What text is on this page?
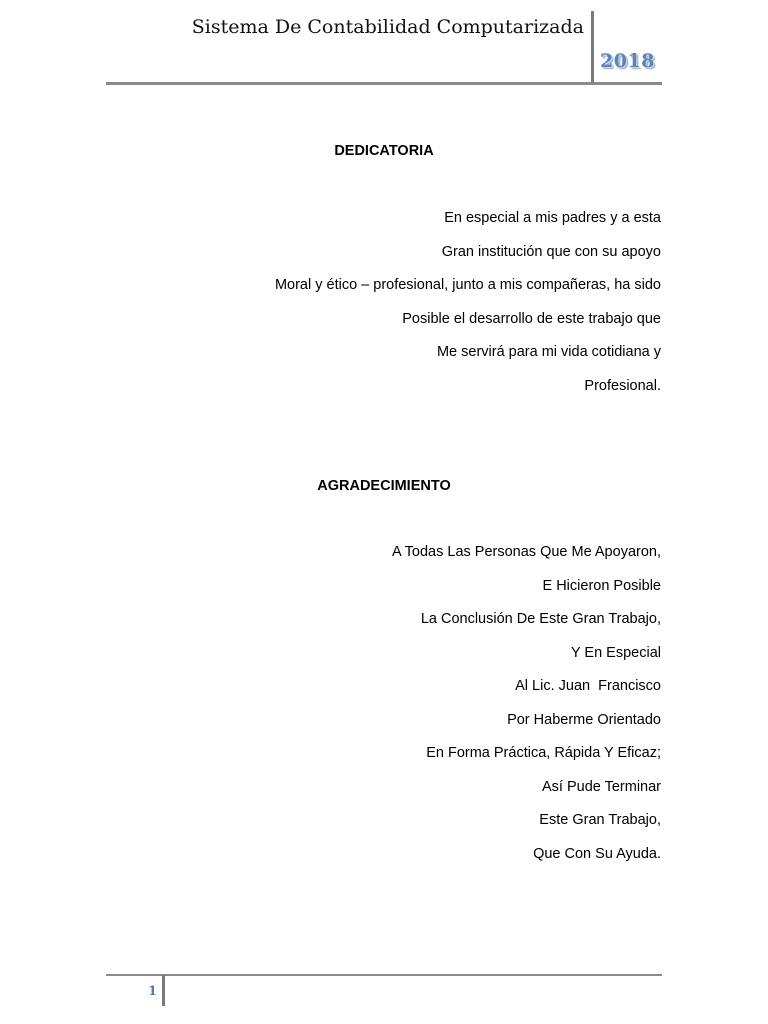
Sistema De Contabilidad Computarizada
2018
DEDICATORIA
En especial a mis padres y a esta
Gran institución que con su apoyo
Moral y ético – profesional, junto a mis compañeras, ha sido
Posible el desarrollo de este trabajo que
Me servirá para mi vida cotidiana y
Profesional.
AGRADECIMIENTO
A Todas Las Personas Que Me Apoyaron,
E Hicieron Posible
La Conclusión De Este Gran Trabajo,
Y En Especial
Al Lic. Juan  Francisco
Por Haberme Orientado
En Forma Práctica, Rápida Y Eficaz;
Así Pude Terminar
Este Gran Trabajo,
Que Con Su Ayuda.
1
